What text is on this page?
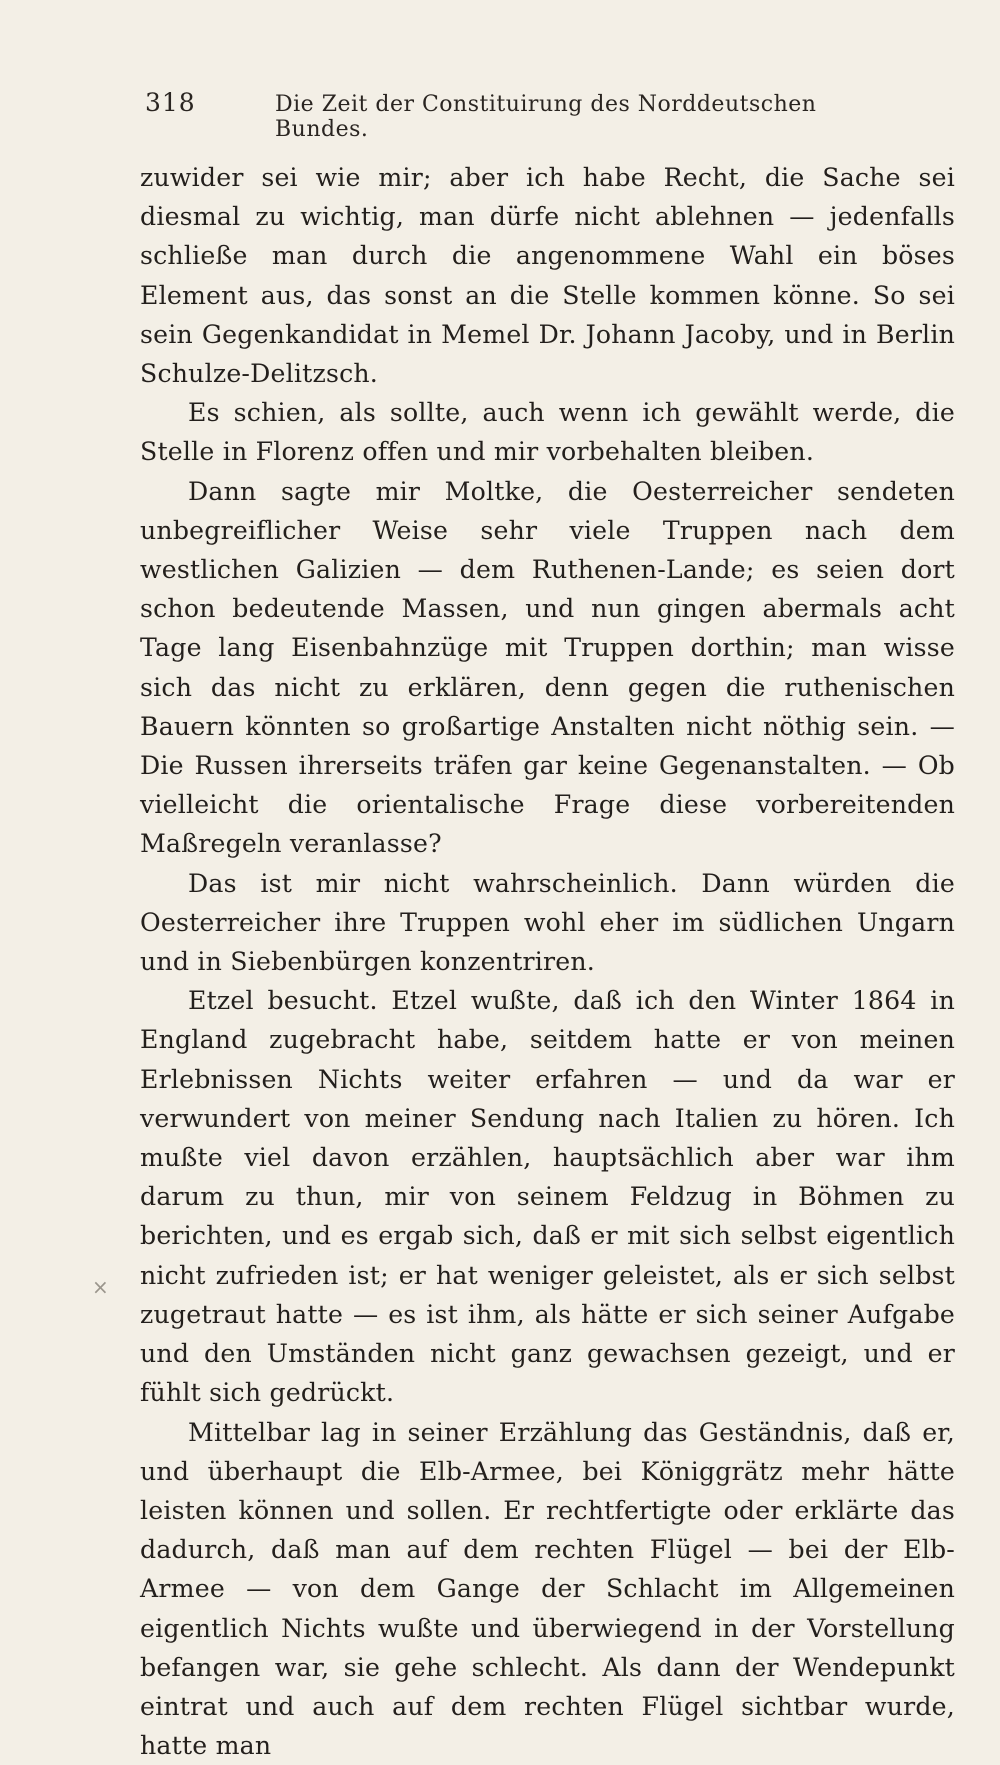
318	Die Zeit der Constituirung des Norddeutschen Bundes.
×

zuwider sei wie mir; aber ich habe Recht, die Sache sei diesmal zu wichtig, man dürfe nicht ablehnen — jedenfalls schließe man durch die angenommene Wahl ein böses Element aus, das sonst an die Stelle kommen könne. So sei sein Gegenkandidat in Memel Dr. Johann Jacoby, und in Berlin Schulze-Delitzsch.

Es schien, als sollte, auch wenn ich gewählt werde, die Stelle in Florenz offen und mir vorbehalten bleiben.

Dann sagte mir Moltke, die Oesterreicher sendeten unbegreiflicher Weise sehr viele Truppen nach dem westlichen Galizien — dem Ruthenen-Lande; es seien dort schon bedeutende Massen, und nun gingen abermals acht Tage lang Eisenbahnzüge mit Truppen dorthin; man wisse sich das nicht zu erklären, denn gegen die ruthenischen Bauern könnten so großartige Anstalten nicht nöthig sein. — Die Russen ihrerseits träfen gar keine Gegenanstalten. — Ob vielleicht die orientalische Frage diese vorbereitenden Maßregeln veranlasse?

Das ist mir nicht wahrscheinlich. Dann würden die Oesterreicher ihre Truppen wohl eher im südlichen Ungarn und in Siebenbürgen konzentriren.

Etzel besucht. Etzel wußte, daß ich den Winter 1864 in England zugebracht habe, seitdem hatte er von meinen Erlebnissen Nichts weiter erfahren — und da war er verwundert von meiner Sendung nach Italien zu hören. Ich mußte viel davon erzählen, hauptsächlich aber war ihm darum zu thun, mir von seinem Feldzug in Böhmen zu berichten, und es ergab sich, daß er mit sich selbst eigentlich nicht zufrieden ist; er hat weniger geleistet, als er sich selbst zugetraut hatte — es ist ihm, als hätte er sich seiner Aufgabe und den Umständen nicht ganz gewachsen gezeigt, und er fühlt sich gedrückt.

Mittelbar lag in seiner Erzählung das Geständnis, daß er, und überhaupt die Elb-Armee, bei Königgrätz mehr hätte leisten können und sollen. Er rechtfertigte oder erklärte das dadurch, daß man auf dem rechten Flügel — bei der Elb-Armee — von dem Gange der Schlacht im Allgemeinen eigentlich Nichts wußte und überwiegend in der Vorstellung befangen war, sie gehe schlecht. Als dann der Wendepunkt eintrat und auch auf dem rechten Flügel sichtbar wurde, hatte man
